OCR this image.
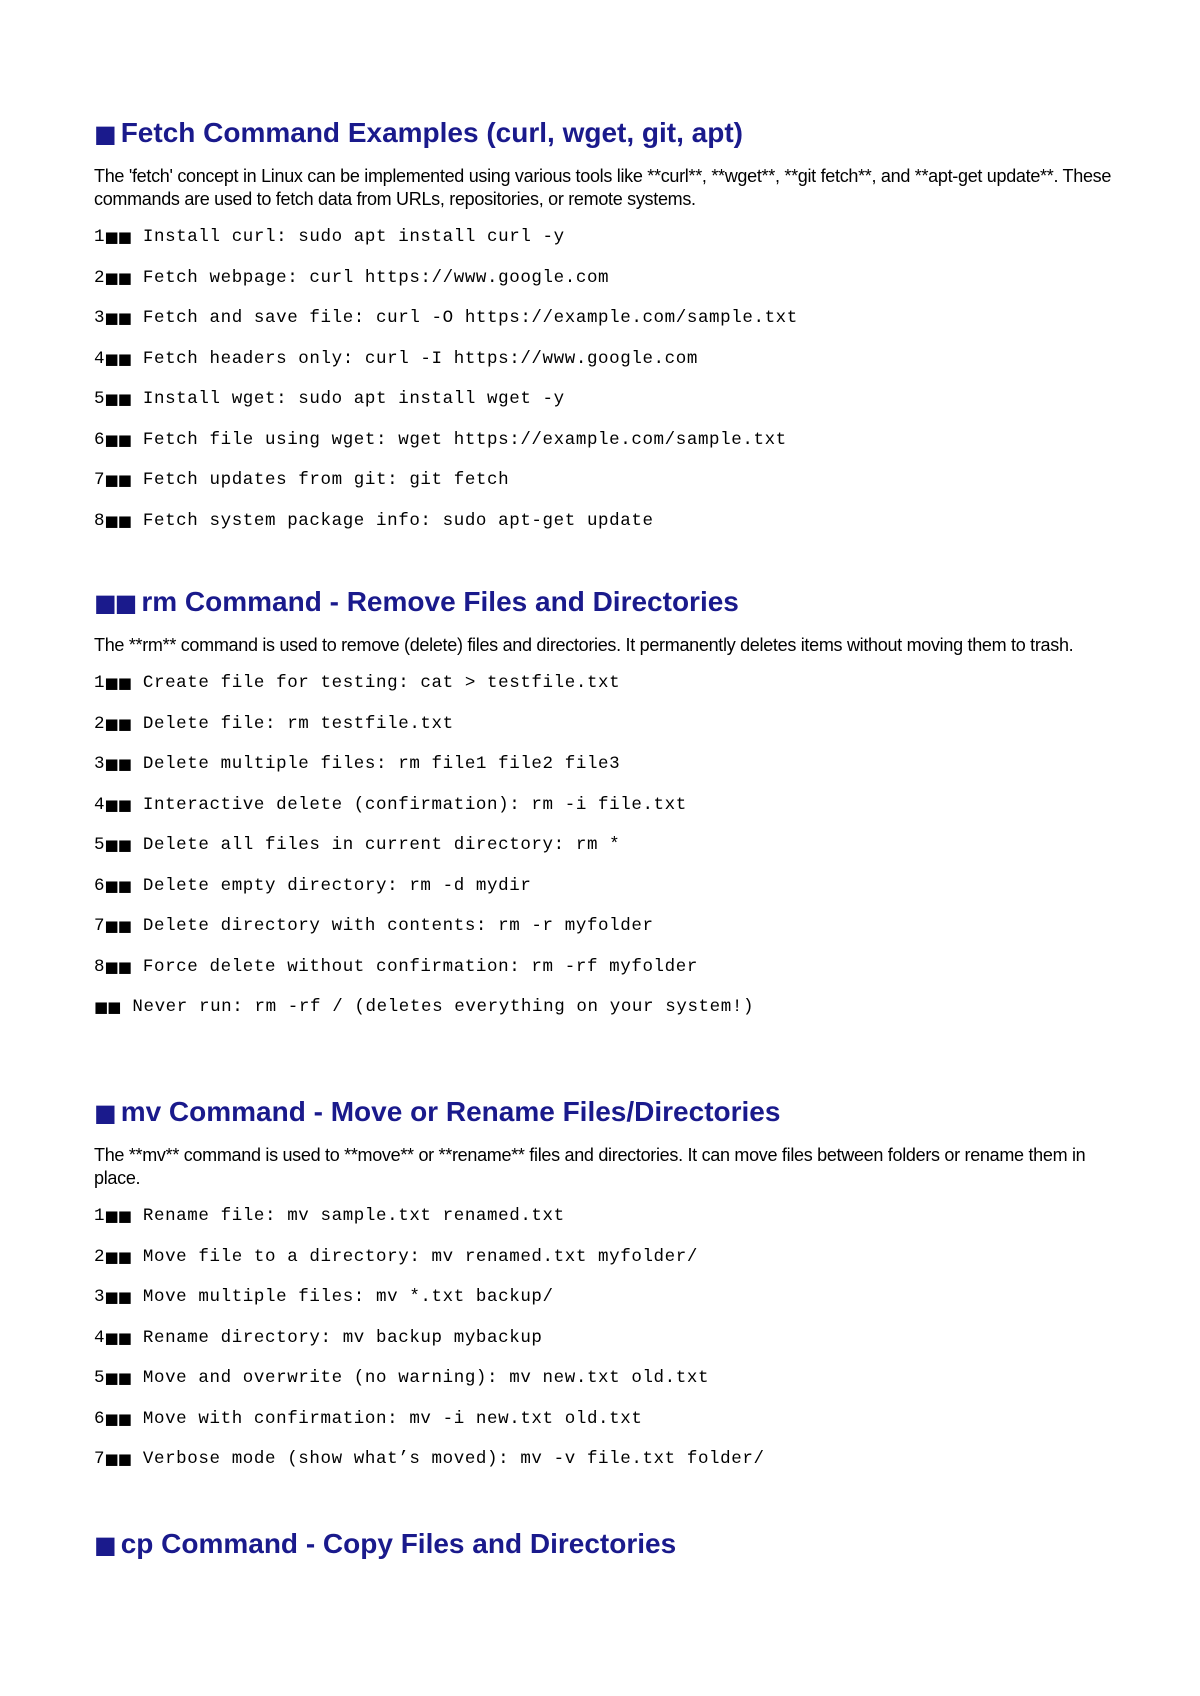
■ Fetch Command Examples (curl, wget, git, apt)

The 'fetch' concept in Linux can be implemented using various tools like **curl**, **wget**, **git fetch**, and **apt-get update**. These commands are used to fetch data from URLs, repositories, or remote systems.

1 ■■ Install curl: sudo apt install curl -y
2 ■■ Fetch webpage: curl https://www.google.com
3 ■■ Fetch and save file: curl -O https://example.com/sample.txt
4 ■■ Fetch headers only: curl -I https://www.google.com
5 ■■ Install wget: sudo apt install wget -y
6 ■■ Fetch file using wget: wget https://example.com/sample.txt
7 ■■ Fetch updates from git: git fetch
8 ■■ Fetch system package info: sudo apt-get update
■■ rm Command - Remove Files and Directories

The **rm** command is used to remove (delete) files and directories. It permanently deletes items without moving them to trash.

1 ■■ Create file for testing: cat > testfile.txt
2 ■■ Delete file: rm testfile.txt
3 ■■ Delete multiple files: rm file1 file2 file3
4 ■■ Interactive delete (confirmation): rm -i file.txt
5 ■■ Delete all files in current directory: rm *
6 ■■ Delete empty directory: rm -d mydir
7 ■■ Delete directory with contents: rm -r myfolder
8 ■■ Force delete without confirmation: rm -rf myfolder
■■ Never run: rm -rf / (deletes everything on your system!)
■ mv Command - Move or Rename Files/Directories

The **mv** command is used to **move** or **rename** files and directories. It can move files between folders or rename them in place.

1 ■■ Rename file: mv sample.txt renamed.txt
2 ■■ Move file to a directory: mv renamed.txt myfolder/
3 ■■ Move multiple files: mv *.txt backup/
4 ■■ Rename directory: mv backup mybackup
5 ■■ Move and overwrite (no warning): mv new.txt old.txt
6 ■■ Move with confirmation: mv -i new.txt old.txt
7 ■■ Verbose mode (show what’s moved): mv -v file.txt folder/
■ cp Command - Copy Files and Directories
